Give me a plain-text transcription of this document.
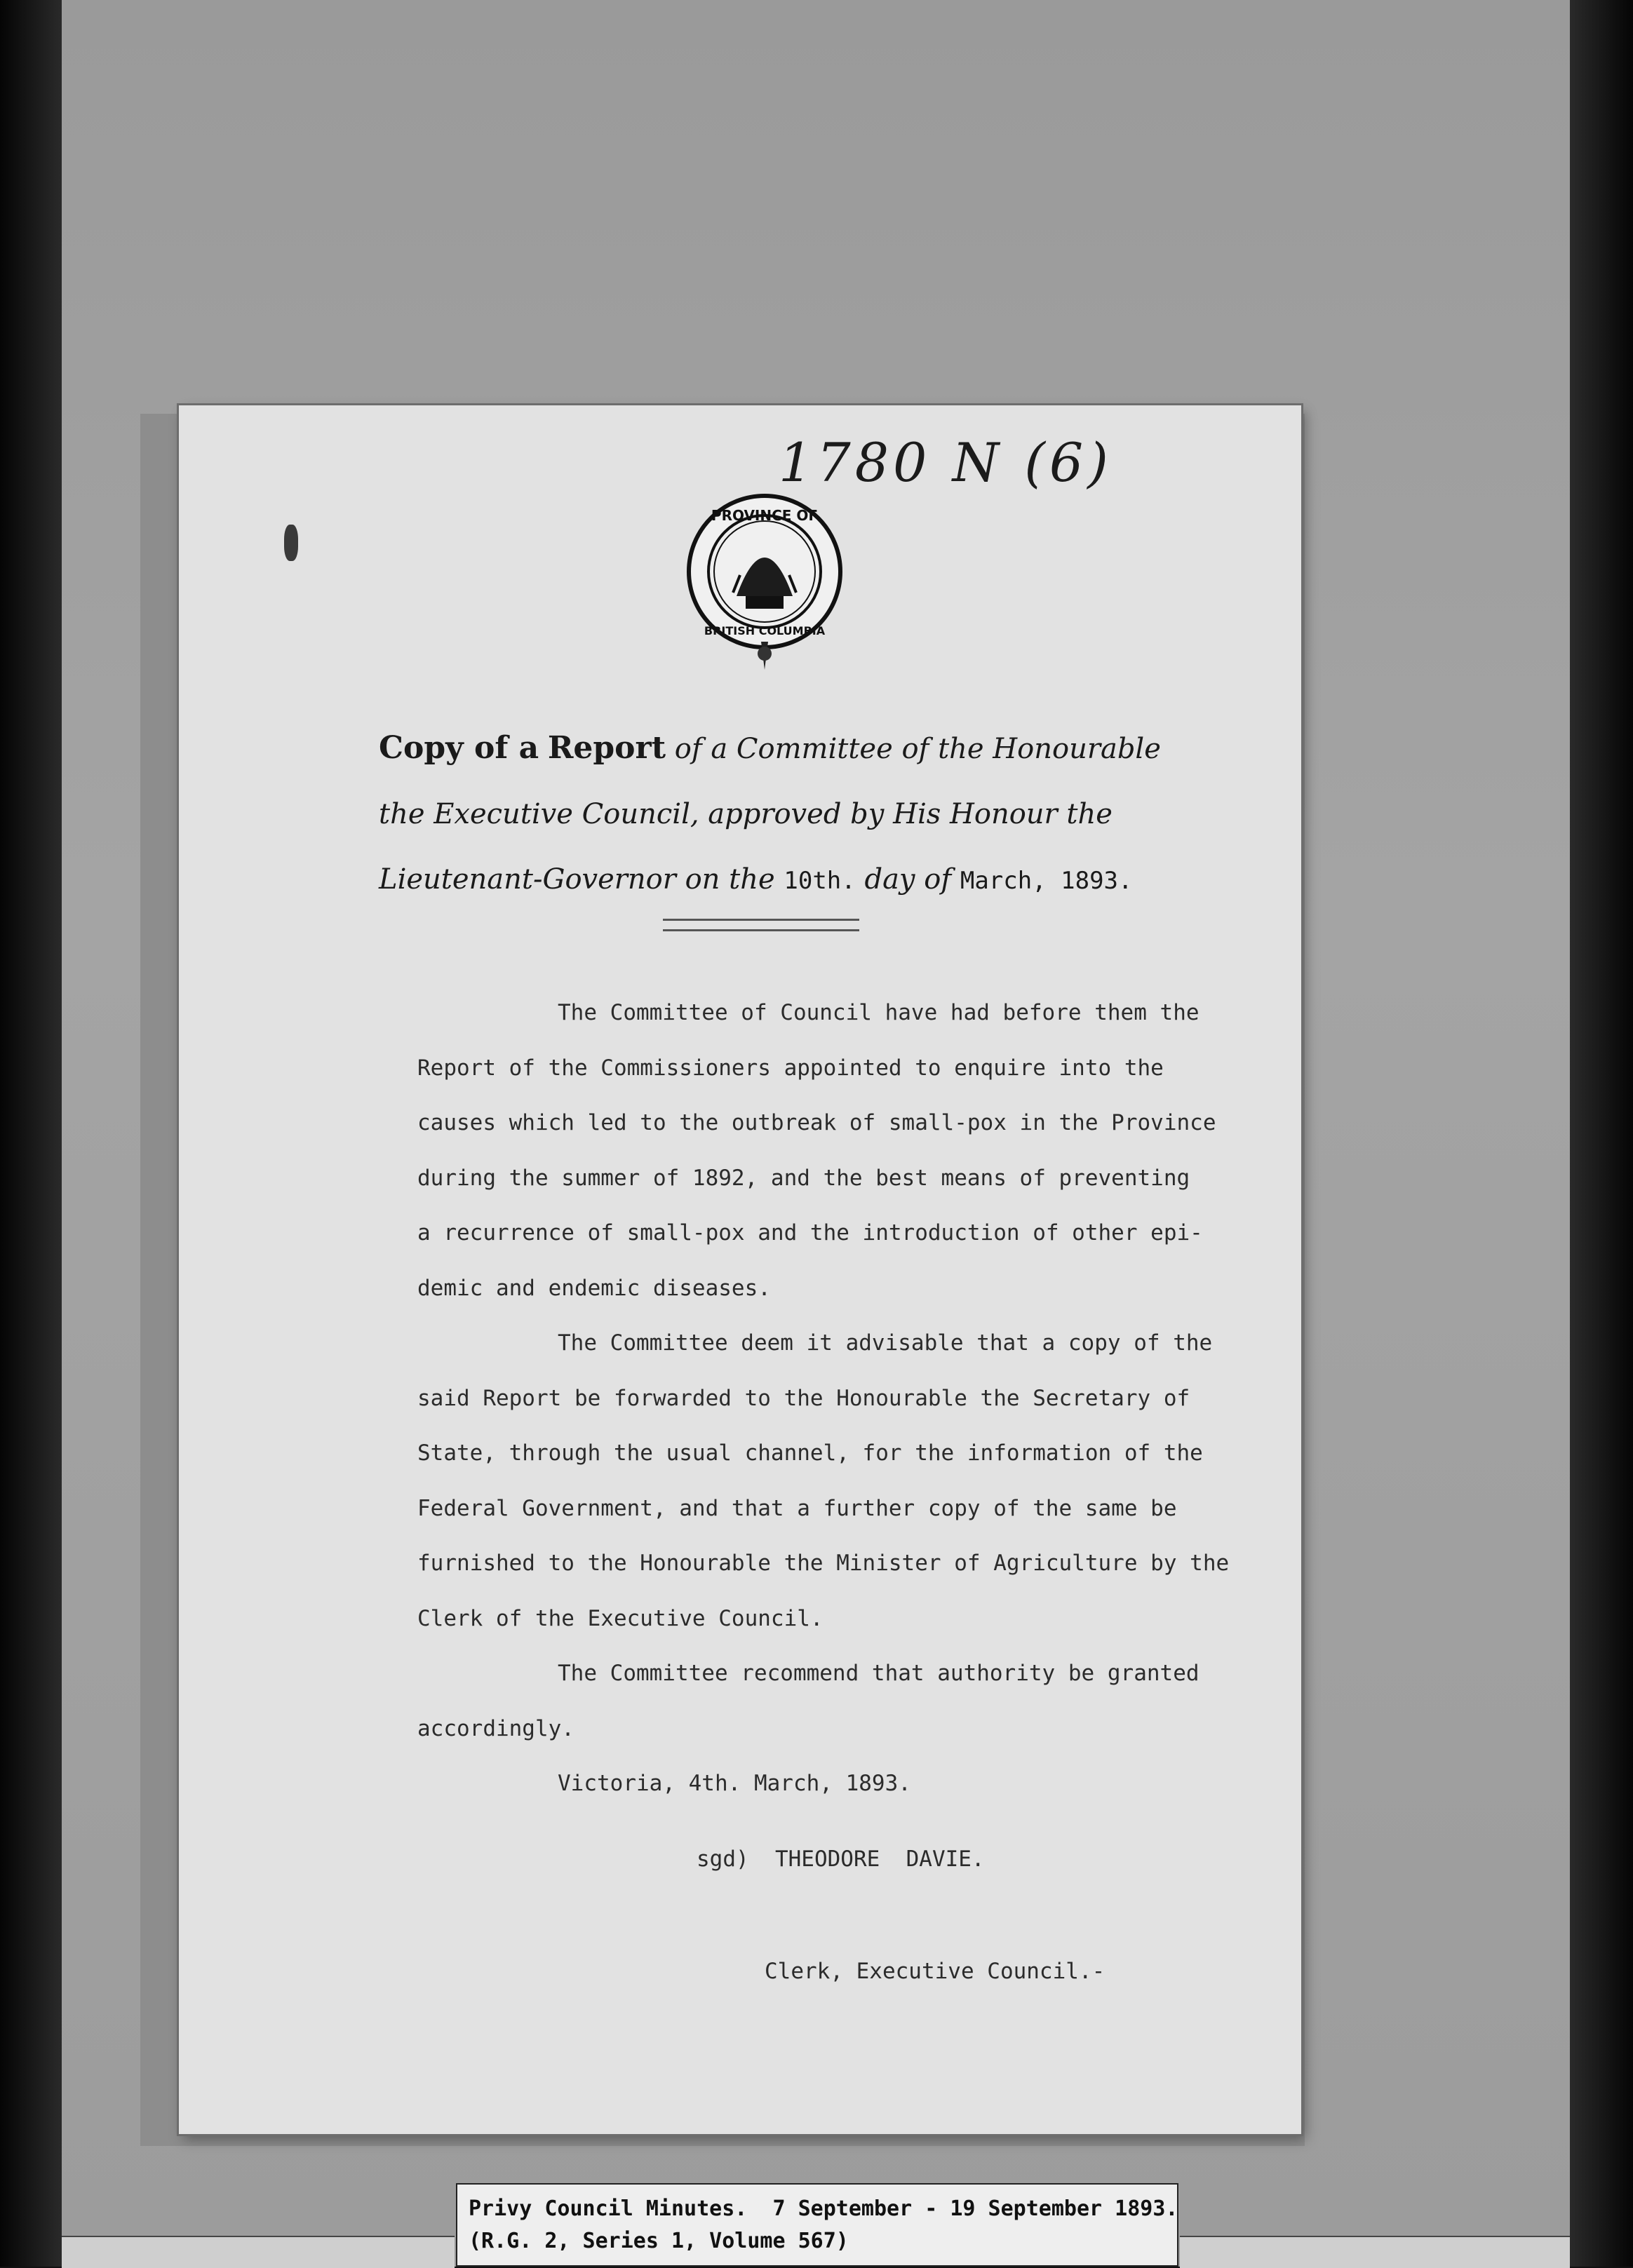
1780 N (6)
PROVINCE OF
BRITISH COLUMBIA
Copy of a Report of a Committee of the Honourable
the Executive Council, approved by His Honour the
Lieutenant-Governor on the 10th. day of March, 1893.

The Committee of Council have had before them the

Report of the Commissioners appointed to enquire into the

causes which led to the outbreak of small-pox in the Province

during the summer of 1892, and the best means of preventing

a recurrence of small-pox and the introduction of other epi-

demic and endemic diseases.

The Committee deem it advisable that a copy of the

said Report be forwarded to the Honourable the Secretary of

State, through the usual channel, for the information of the

Federal Government, and that a further copy of the same be

furnished to the Honourable the Minister of Agriculture by the

Clerk of the Executive Council.

The Committee recommend that authority be granted

accordingly.

Victoria, 4th. March, 1893.

sgd)  THEODORE  DAVIE.
Clerk, Executive Council.-
Privy Council Minutes.  7 September - 19 September 1893.
(R.G. 2, Series 1, Volume 567)
